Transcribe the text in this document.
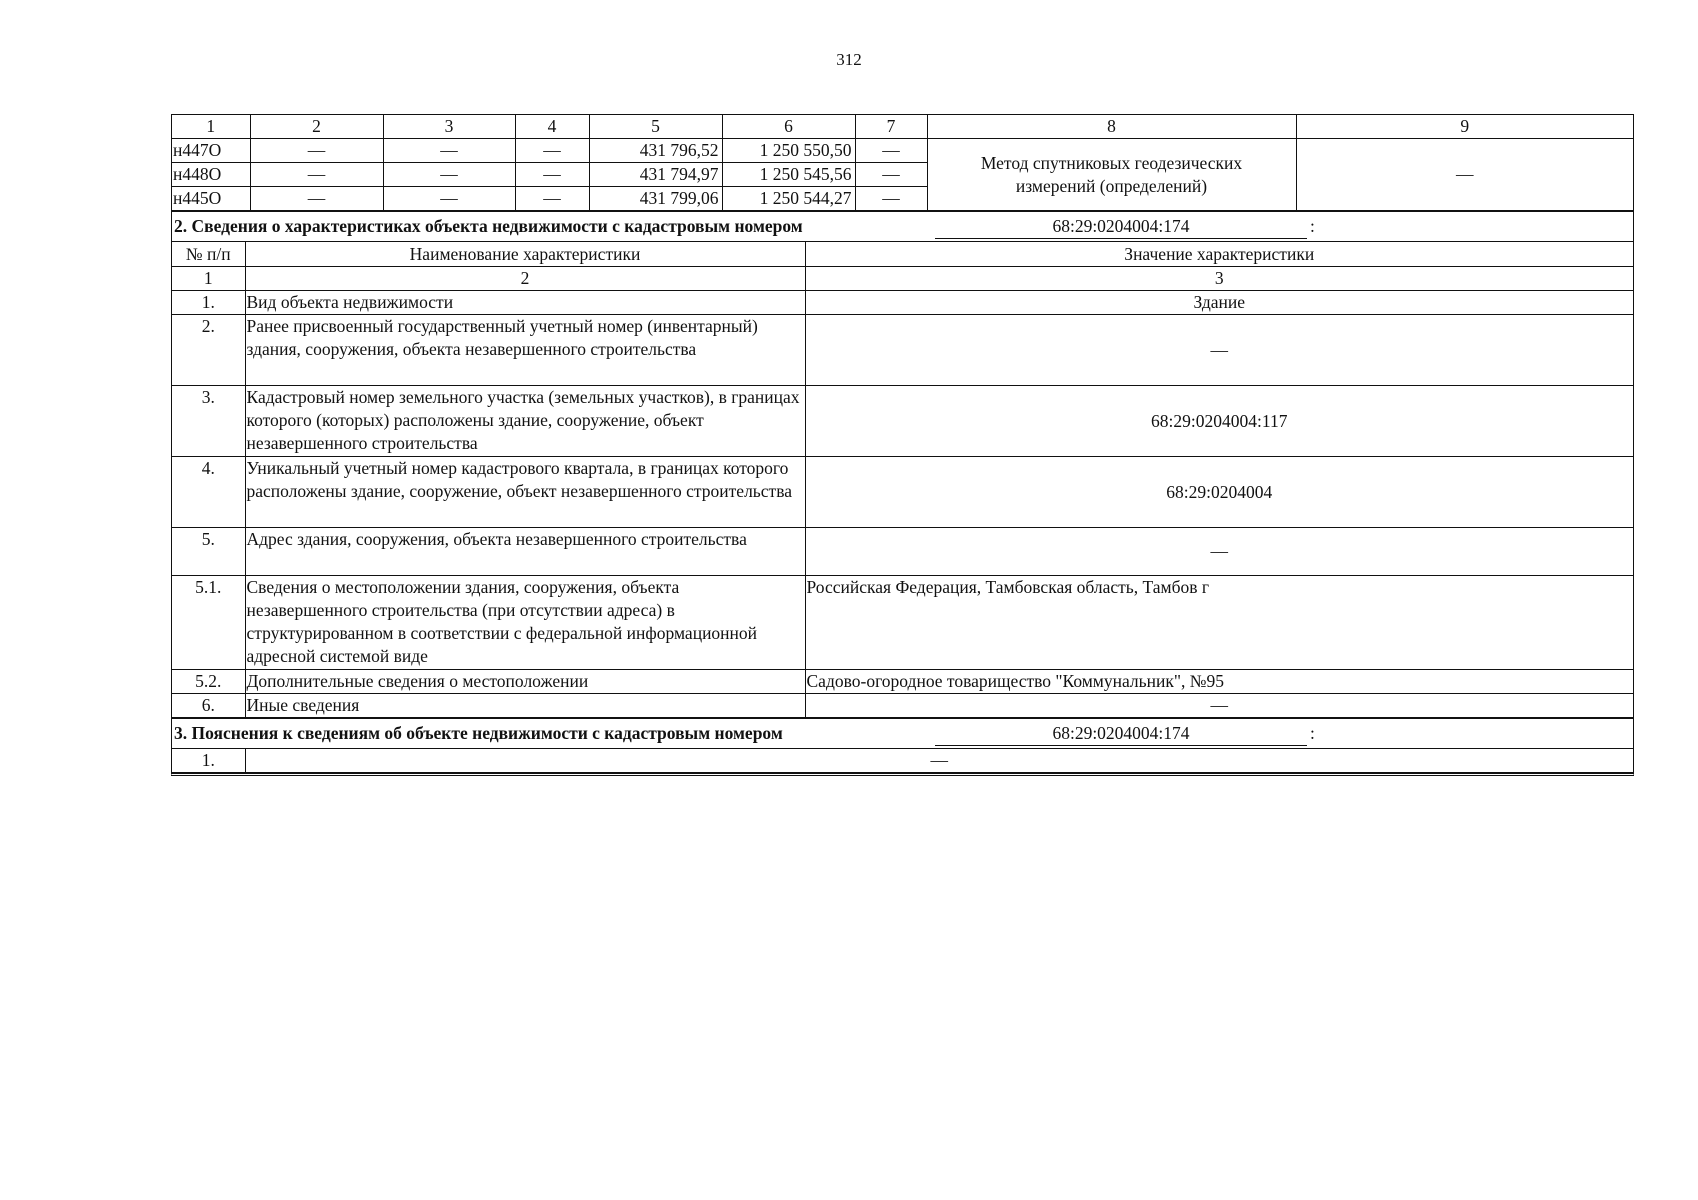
312
1	2	3	4	5	6	7	8	9
н447О	—	—	—	431 796,52	1 250 550,50	—	Метод спутниковых геодезических измерений (определений)	—
н448О	—	—	—	431 794,97	1 250 545,56	—		
н445О	—	—	—	431 799,06	1 250 544,27	—		
2. Сведения о характеристиках объекта недвижимости с кадастровым номером	68:29:0204004:174	:
№ п/п	Наименование характеристики	Значение характеристики
1	2	3
1.	Вид объекта недвижимости	Здание
2.	Ранее присвоенный государственный учетный номер (инвентарный) здания, сооружения, объекта незавершенного строительства	—
3.	Кадастровый номер земельного участка (земельных участков), в границах которого (которых) расположены здание, сооружение, объект незавершенного строительства	68:29:0204004:117
4.	Уникальный учетный номер кадастрового квартала, в границах которого расположены здание, сооружение, объект незавершенного строительства	68:29:0204004
5.	Адрес здания, сооружения, объекта незавершенного строительства	—
5.1.	Сведения о местоположении здания, сооружения, объекта незавершенного строительства (при отсутствии адреса) в структурированном в соответствии с федеральной информационной адресной системой виде	Российская Федерация, Тамбовская область, Тамбов г
5.2.	Дополнительные сведения о местоположении	Садово-огородное товарищество "Коммунальник", №95
6.	Иные сведения	—
3. Пояснения к сведениям об объекте недвижимости с кадастровым номером	68:29:0204004:174	:
1.	—
